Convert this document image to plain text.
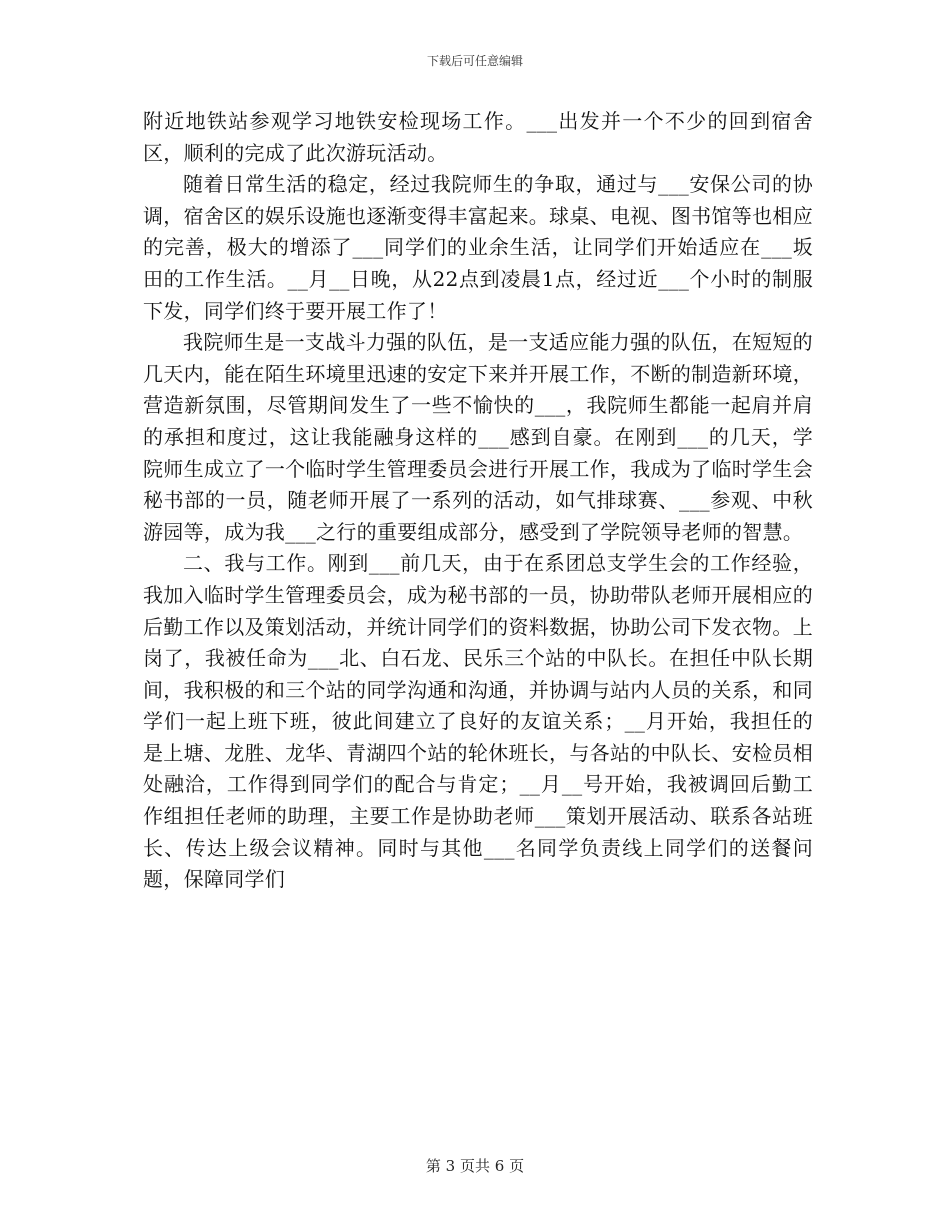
下载后可任意编辑

附近地铁站参观学习地铁安检现场工作。___出发并一个不少的回到宿舍区，顺利的完成了此次游玩活动。

随着日常生活的稳定，经过我院师生的争取，通过与___安保公司的协调，宿舍区的娱乐设施也逐渐变得丰富起来。球桌、电视、图书馆等也相应的完善，极大的增添了___同学们的业余生活，让同学们开始适应在___坂田的工作生活。__月__日晚，从22点到凌晨1点，经过近___个小时的制服下发，同学们终于要开展工作了！

我院师生是一支战斗力强的队伍，是一支适应能力强的队伍，在短短的几天内，能在陌生环境里迅速的安定下来并开展工作，不断的制造新环境，营造新氛围，尽管期间发生了一些不愉快的___，我院师生都能一起肩并肩的承担和度过，这让我能融身这样的___感到自豪。在刚到___的几天，学院师生成立了一个临时学生管理委员会进行开展工作，我成为了临时学生会秘书部的一员，随老师开展了一系列的活动，如气排球赛、___参观、中秋游园等，成为我___之行的重要组成部分，感受到了学院领导老师的智慧。

二、我与工作。刚到___前几天，由于在系团总支学生会的工作经验，我加入临时学生管理委员会，成为秘书部的一员，协助带队老师开展相应的后勤工作以及策划活动，并统计同学们的资料数据，协助公司下发衣物。上岗了，我被任命为___北、白石龙、民乐三个站的中队长。在担任中队长期间，我积极的和三个站的同学沟通和沟通，并协调与站内人员的关系，和同学们一起上班下班，彼此间建立了良好的友谊关系；__月开始，我担任的是上塘、龙胜、龙华、青湖四个站的轮休班长，与各站的中队长、安检员相处融洽，工作得到同学们的配合与肯定；__月__号开始，我被调回后勤工作组担任老师的助理，主要工作是协助老师___策划开展活动、联系各站班长、传达上级会议精神。同时与其他___名同学负责线上同学们的送餐问题，保障同学们

第 3 页共 6 页
